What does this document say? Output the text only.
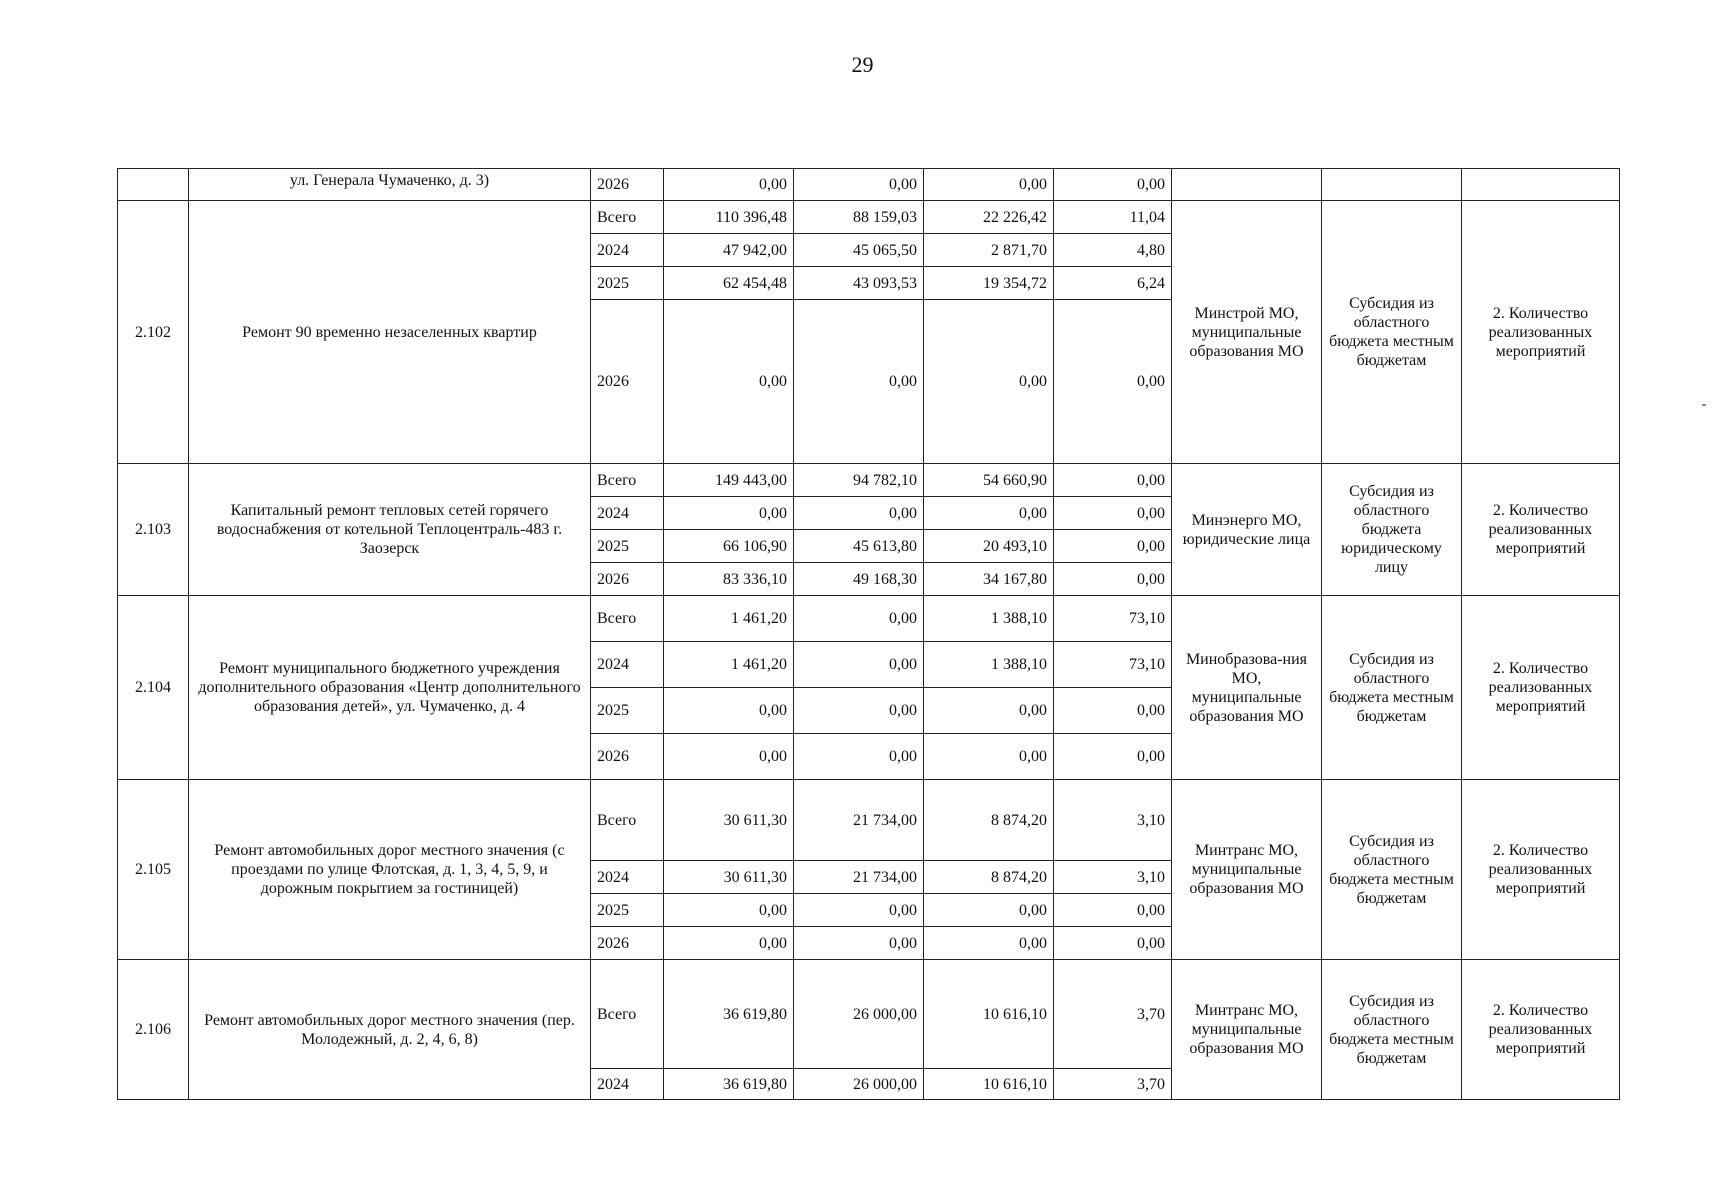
29
	ул. Генерала Чумаченко, д. 3)	2026	0,00	0,00	0,00	0,00			
2.102	Ремонт 90 временно незаселенных квартир	Всего	110 396,48	88 159,03	22 226,42	11,04	Минстрой МО, муниципальные образования МО	Субсидия из областного бюджета местным бюджетам	2. Количество реализованных мероприятий
		2024	47 942,00	45 065,50	2 871,70	4,80			
		2025	62 454,48	43 093,53	19 354,72	6,24			
		2026	0,00	0,00	0,00	0,00			
2.103	Капитальный ремонт тепловых сетей горячего водоснабжения от котельной Теплоцентраль-483 г. Заозерск	Всего	149 443,00	94 782,10	54 660,90	0,00	Минэнерго МО, юридические лица	Субсидия из областного бюджета юридическому лицу	2. Количество реализованных мероприятий
		2024	0,00	0,00	0,00	0,00			
		2025	66 106,90	45 613,80	20 493,10	0,00			
		2026	83 336,10	49 168,30	34 167,80	0,00			
2.104	Ремонт муниципального бюджетного учреждения дополнительного образования «Центр дополнительного образования детей», ул. Чумаченко, д. 4	Всего	1 461,20	0,00	1 388,10	73,10	Минобразова-ния МО, муниципальные образования МО	Субсидия из областного бюджета местным бюджетам	2. Количество реализованных мероприятий
		2024	1 461,20	0,00	1 388,10	73,10			
		2025	0,00	0,00	0,00	0,00			
		2026	0,00	0,00	0,00	0,00			
2.105	Ремонт автомобильных дорог местного значения (с проездами по улице Флотская, д. 1, 3, 4, 5, 9, и дорожным покрытием за гостиницей)	Всего	30 611,30	21 734,00	8 874,20	3,10	Минтранс МО, муниципальные образования МО	Субсидия из областного бюджета местным бюджетам	2. Количество реализованных мероприятий
		2024	30 611,30	21 734,00	8 874,20	3,10			
		2025	0,00	0,00	0,00	0,00			
		2026	0,00	0,00	0,00	0,00			
2.106	Ремонт автомобильных дорог местного значения (пер. Молодежный, д. 2, 4, 6, 8)	Всего	36 619,80	26 000,00	10 616,10	3,70	Минтранс МО, муниципальные образования МО	Субсидия из областного бюджета местным бюджетам	2. Количество реализованных мероприятий
		2024	36 619,80	26 000,00	10 616,10	3,70			
